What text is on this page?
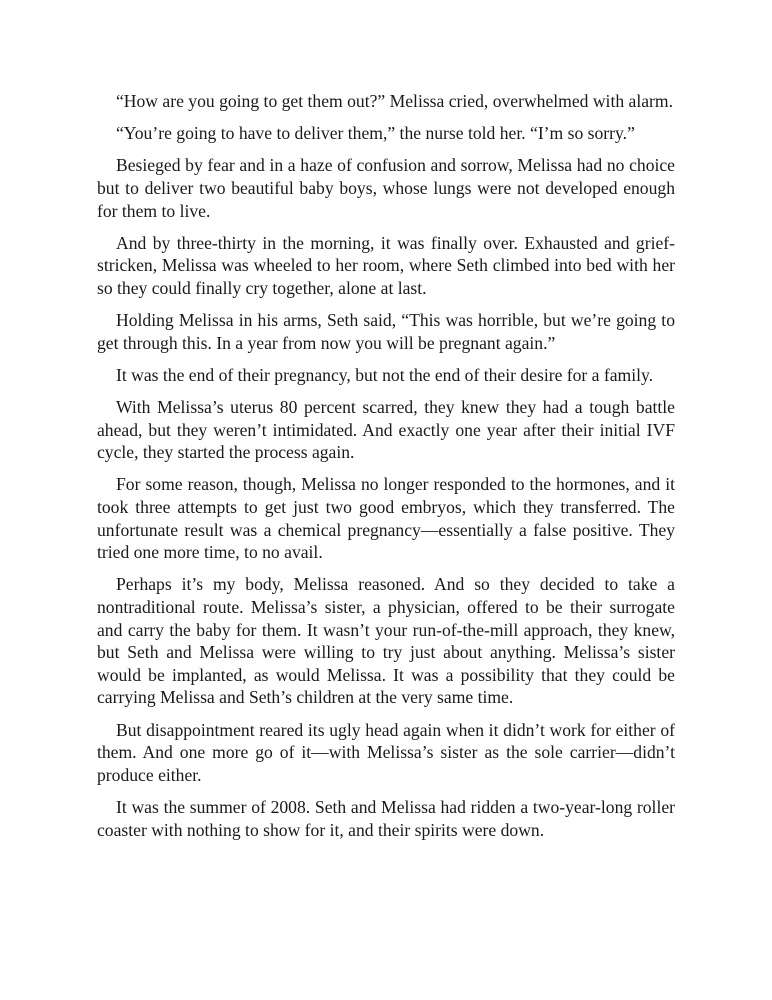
“How are you going to get them out?” Melissa cried, overwhelmed with alarm.

“You’re going to have to deliver them,” the nurse told her. “I’m so sorry.”

Besieged by fear and in a haze of confusion and sorrow, Melissa had no choice but to deliver two beautiful baby boys, whose lungs were not developed enough for them to live.

And by three-thirty in the morning, it was finally over. Exhausted and grief-stricken, Melissa was wheeled to her room, where Seth climbed into bed with her so they could finally cry together, alone at last.

Holding Melissa in his arms, Seth said, “This was horrible, but we’re going to get through this. In a year from now you will be pregnant again.”

It was the end of their pregnancy, but not the end of their desire for a family.

With Melissa’s uterus 80 percent scarred, they knew they had a tough battle ahead, but they weren’t intimidated. And exactly one year after their initial IVF cycle, they started the process again.

For some reason, though, Melissa no longer responded to the hormones, and it took three attempts to get just two good embryos, which they transferred. The unfortunate result was a chemical pregnancy—essentially a false positive. They tried one more time, to no avail.

Perhaps it’s my body, Melissa reasoned. And so they decided to take a nontraditional route. Melissa’s sister, a physician, offered to be their surrogate and carry the baby for them. It wasn’t your run-of-the-mill approach, they knew, but Seth and Melissa were willing to try just about anything. Melissa’s sister would be implanted, as would Melissa. It was a possibility that they could be carrying Melissa and Seth’s children at the very same time.

But disappointment reared its ugly head again when it didn’t work for either of them. And one more go of it—with Melissa’s sister as the sole carrier—didn’t produce either.

It was the summer of 2008. Seth and Melissa had ridden a two-year-long roller coaster with nothing to show for it, and their spirits were down.
